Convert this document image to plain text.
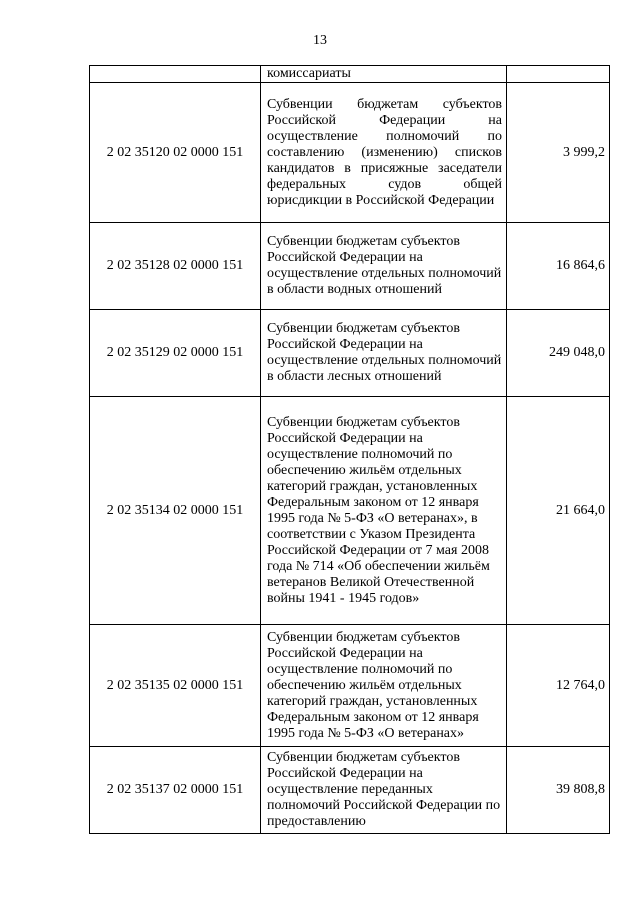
13
	комиссариаты	
2 02 35120 02 0000 151	Субвенции бюджетам субъектов Российской Федерации на осуществление полномочий по составлению (изменению) списков кандидатов в присяжные заседатели федеральных судов общей юрисдикции в Российской Федерации	3 999,2
2 02 35128 02 0000 151	Субвенции бюджетам субъектов Российской Федерации на осуществление отдельных полномочий в области водных отношений	16 864,6
2 02 35129 02 0000 151	Субвенции бюджетам субъектов Российской Федерации на осуществление отдельных полномочий в области лесных отношений	249 048,0
2 02 35134 02 0000 151	Субвенции бюджетам субъектов Российской Федерации на осуществление полномочий по обеспечению жильём отдельных категорий граждан, установленных Федеральным законом от 12 января 1995 года № 5-ФЗ «О ветеранах», в соответствии с Указом Президента Российской Федерации от 7 мая 2008 года № 714 «Об обеспечении жильём ветеранов Великой Отечественной войны 1941 - 1945 годов»	21 664,0
2 02 35135 02 0000 151	Субвенции бюджетам субъектов Российской Федерации на осуществление полномочий по обеспечению жильём отдельных категорий граждан, установленных Федеральным законом от 12 января 1995 года № 5-ФЗ «О ветеранах»	12 764,0
2 02 35137 02 0000 151	Субвенции бюджетам субъектов Российской Федерации на осуществление переданных полномочий Российской Федерации по предоставлению	39 808,8
